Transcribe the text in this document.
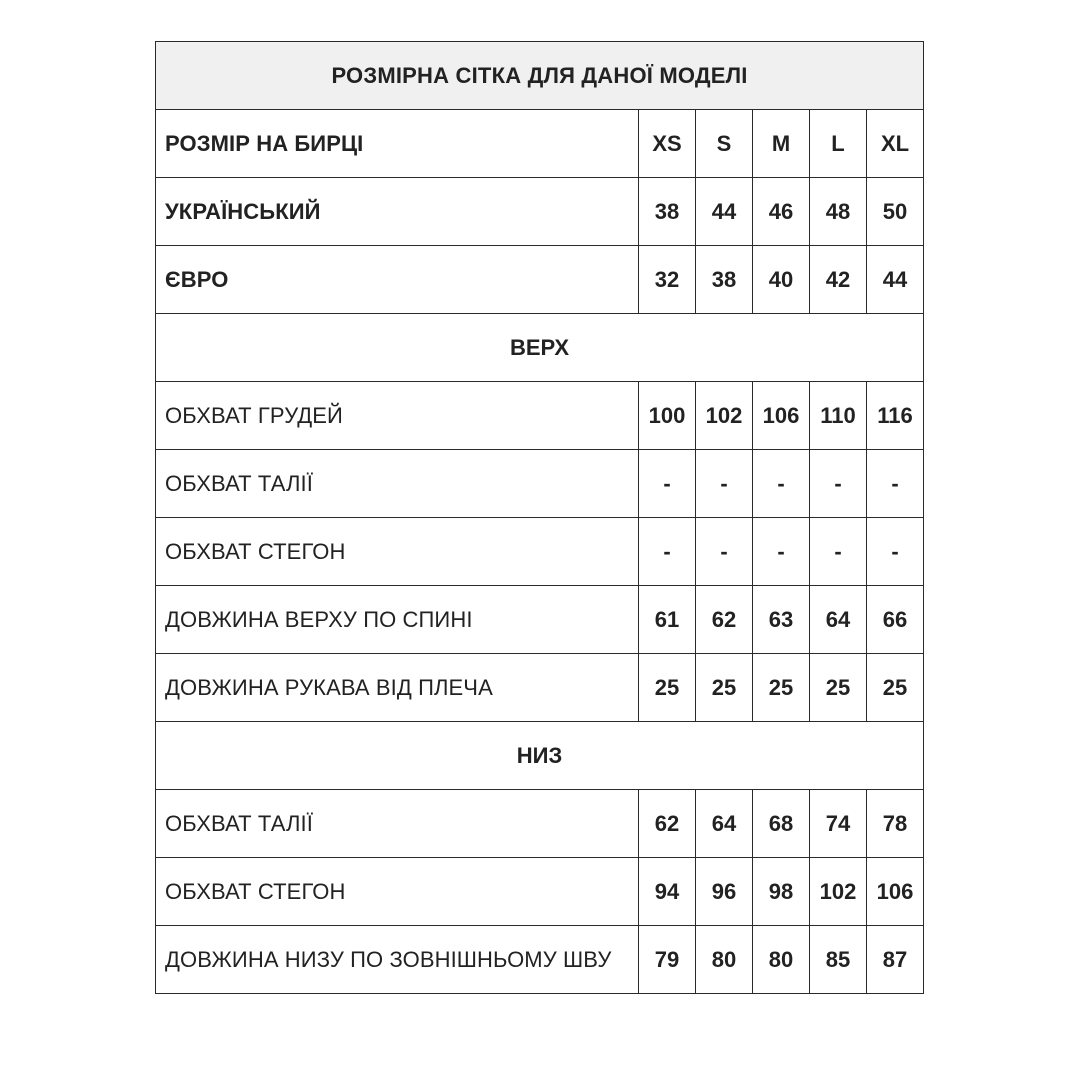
РОЗМІРНА СІТКА ДЛЯ ДАНОЇ МОДЕЛІ					
РОЗМІР НА БИРЦІ	XS	S	M	L	XL
УКРАЇНСЬКИЙ	38	44	46	48	50
ЄВРО	32	38	40	42	44
ВЕРХ					
ОБХВАТ ГРУДЕЙ	100	102	106	110	116
ОБХВАТ ТАЛІЇ	-	-	-	-	-
ОБХВАТ СТЕГОН	-	-	-	-	-
ДОВЖИНА ВЕРХУ ПО СПИНІ	61	62	63	64	66
ДОВЖИНА РУКАВА ВІД ПЛЕЧА	25	25	25	25	25
НИЗ					
ОБХВАТ ТАЛІЇ	62	64	68	74	78
ОБХВАТ СТЕГОН	94	96	98	102	106
ДОВЖИНА НИЗУ ПО ЗОВНІШНЬОМУ ШВУ	79	80	80	85	87
